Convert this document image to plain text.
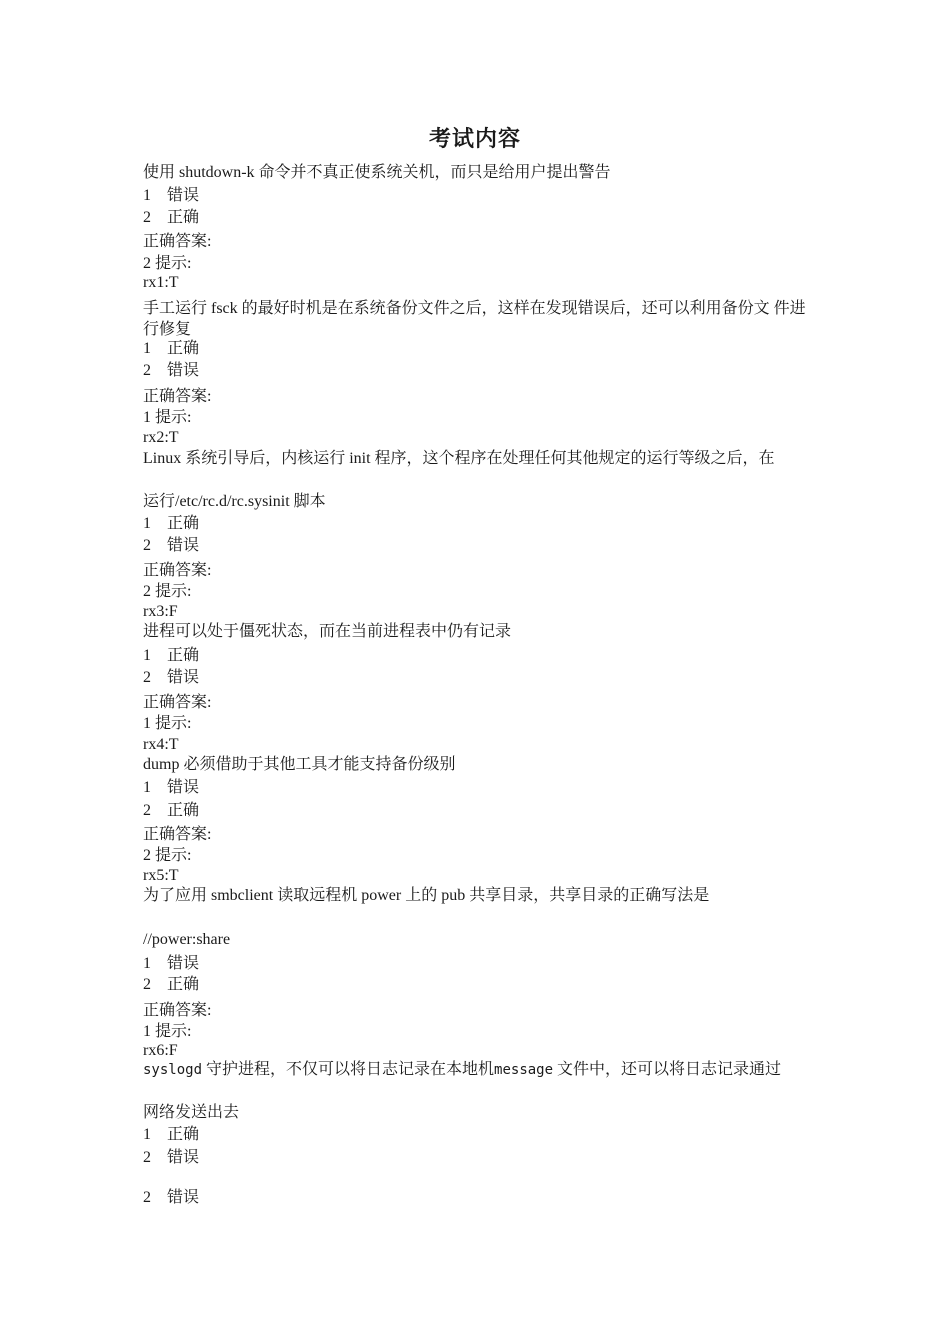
考试内容
使用 shutdown-k 命令并不真正使系统关机，而只是给用户提出警告
1 错误
2 正确
正确答案:
2 提示:
rx1:T
手工运行 fsck 的最好时机是在系统备份文件之后，这样在发现错误后，还可以利用备份文 件进行修复
1 正确
2 错误
正确答案:
1 提示:
rx2:T
Linux 系统引导后，内核运行 init 程序，这个程序在处理任何其他规定的运行等级之后，在
运行/etc/rc.d/rc.sysinit 脚本
1 正确
2 错误
正确答案:
2 提示:
rx3:F
进程可以处于僵死状态，而在当前进程表中仍有记录
1 正确
2 错误
正确答案:
1 提示:
rx4:T
dump 必须借助于其他工具才能支持备份级别
1 错误
2 正确
正确答案:
2 提示:
rx5:T
为了应用 smbclient 读取远程机 power 上的 pub 共享目录，共享目录的正确写法是
//power:share
1 错误
2 正确
正确答案:
1 提示:
rx6:F
syslogd 守护进程，不仅可以将日志记录在本地机message 文件中，还可以将日志记录通过
网络发送出去
1 正确
2 错误
2 错误
